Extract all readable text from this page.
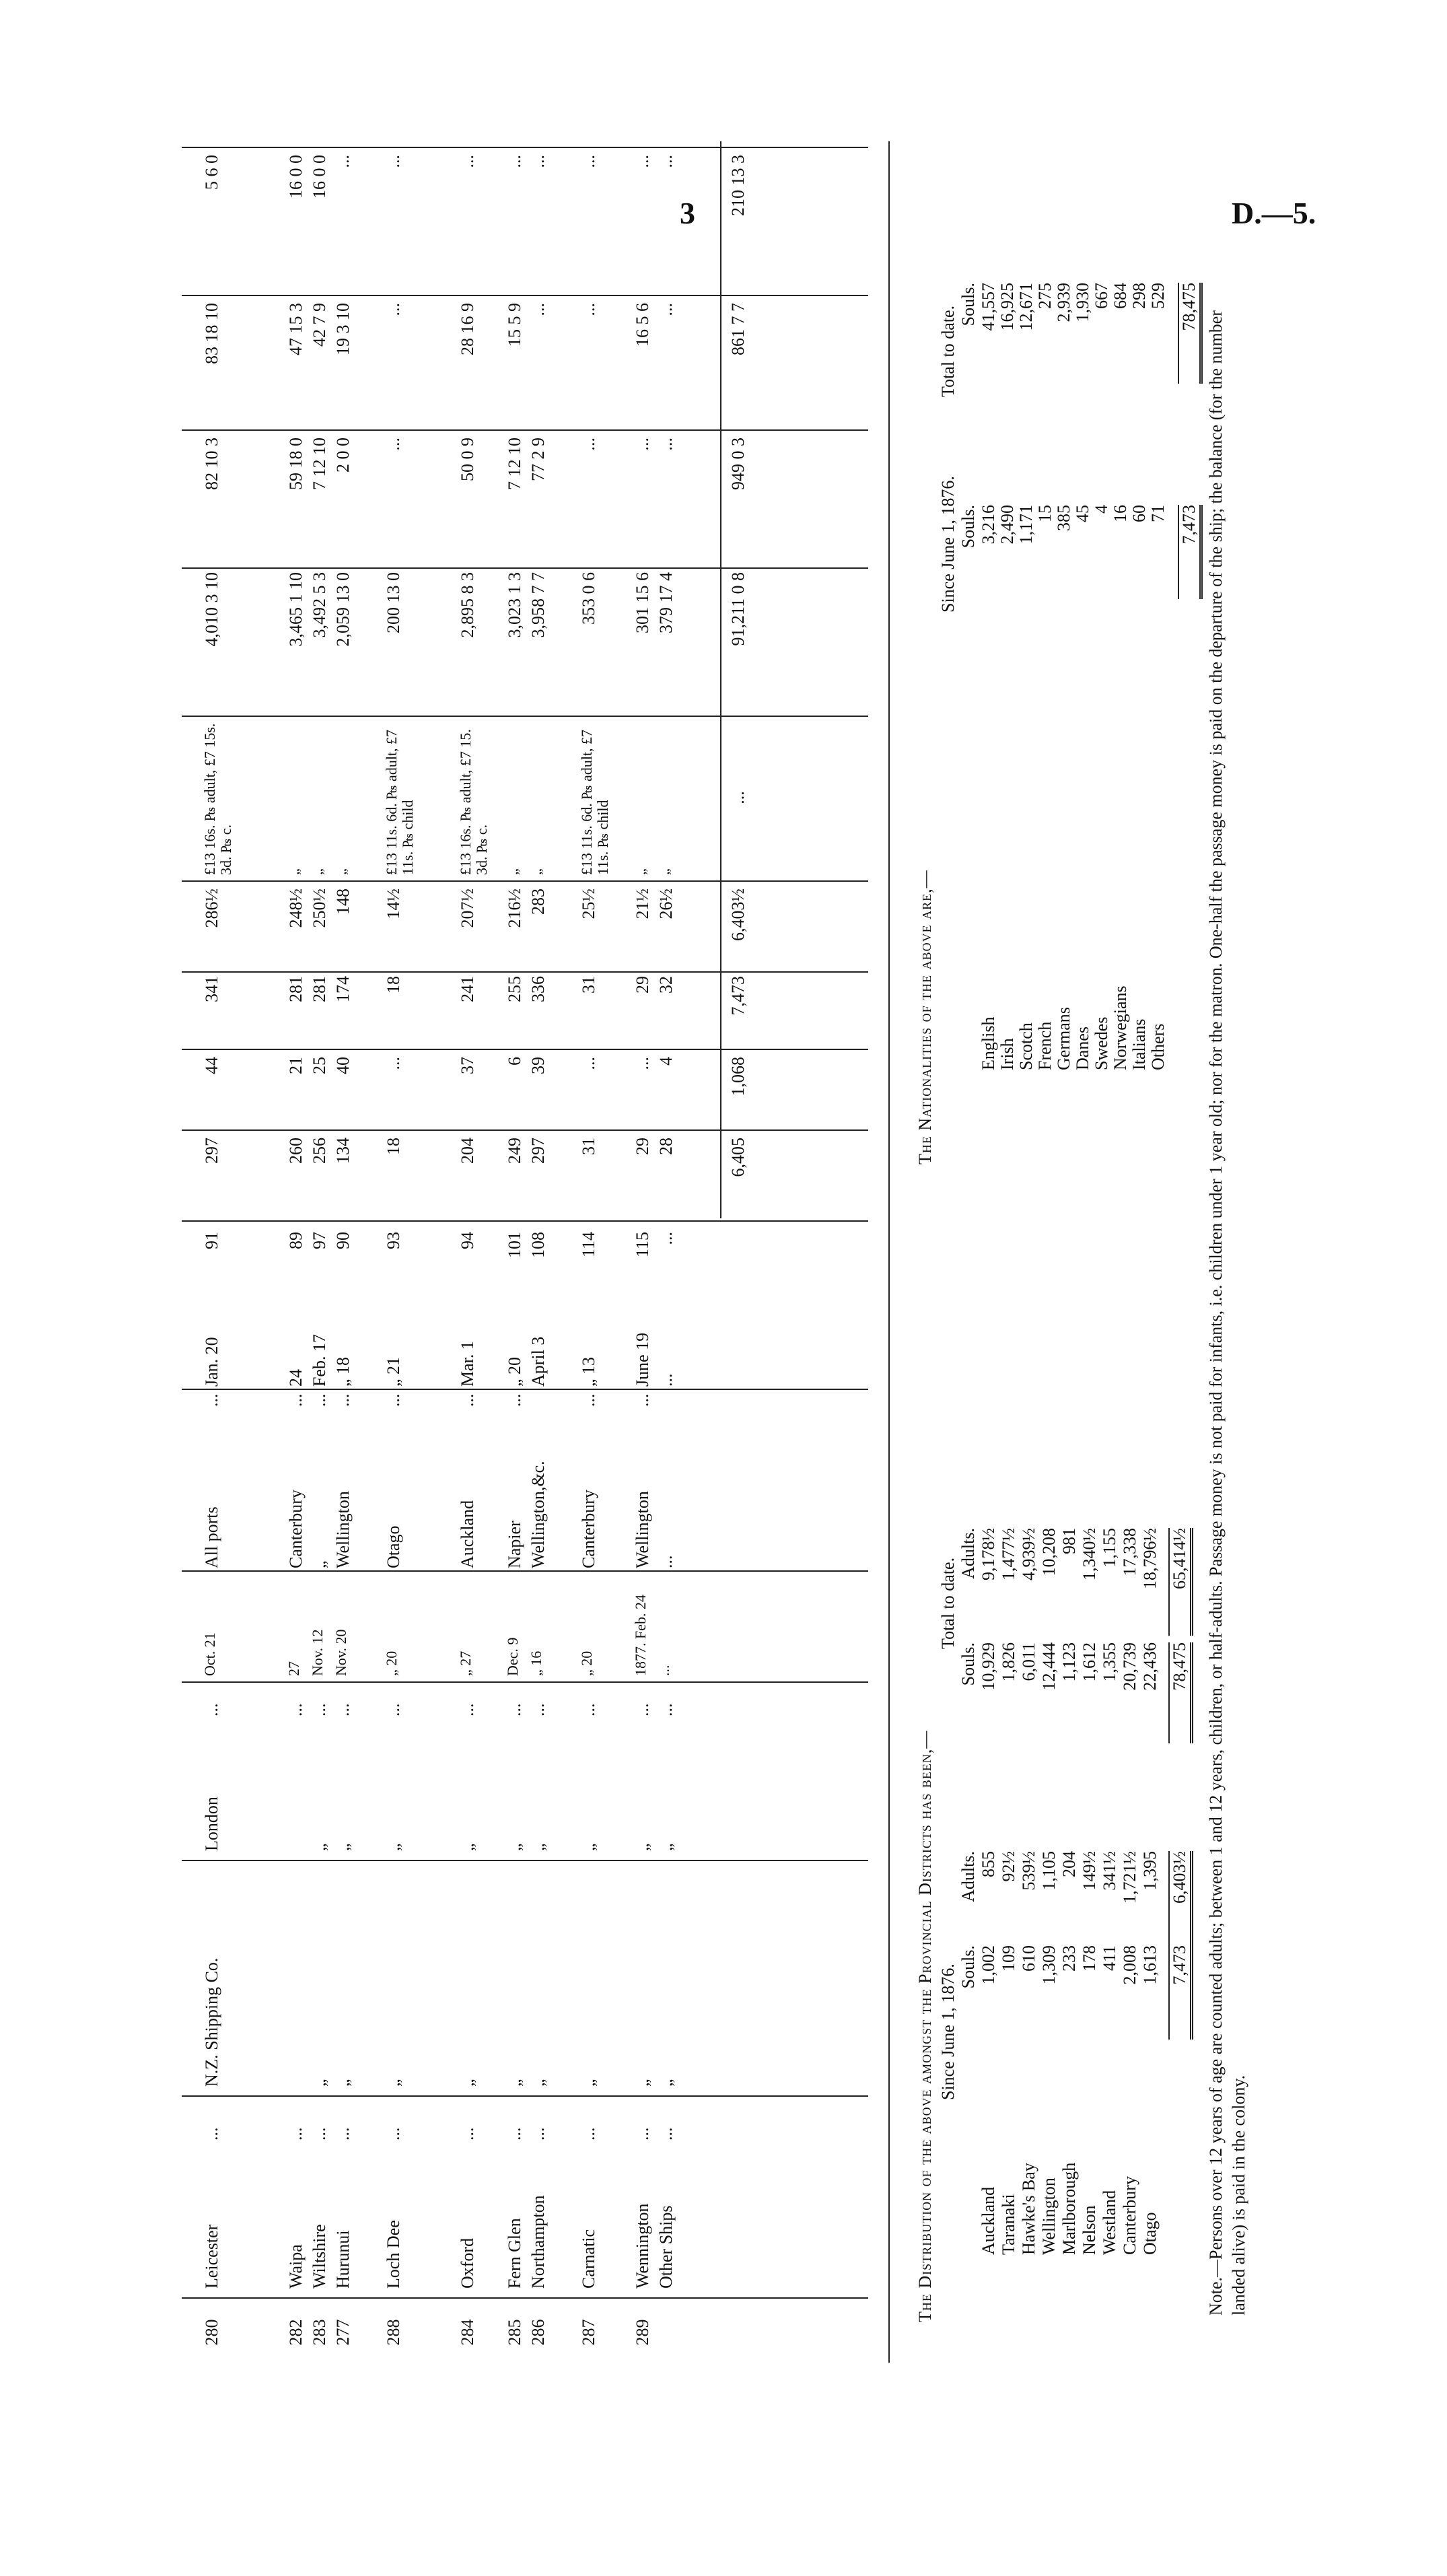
3	D.—5.
280
Leicester
...
N.Z. Shipping Co.
London
...
Oct. 21
All ports
...
Jan. 20
91
297
44
341
286½
£13 16s. ₧ adult, £7 15s. 3d. ₧ c.
4,010 3 10
82 10 3
83 18 10
5 6 0
282
Waipa
...
...
27
Canterbury
...
24
89
260
21
281
248½
„
3,465 1 10
59 18 0
47 15 3
16 0 0
283
Wiltshire
...
„
„
...
Nov. 12
„
...
Feb. 17
97
256
25
281
250½
„
3,492 5 3
7 12 10
42 7 9
16 0 0
277
Hurunui
...
„
„
...
Nov. 20
Wellington
...
„ 18
90
134
40
174
148
„
2,059 13 0
2 0 0
19 3 10
...
288
Loch Dee
...
„
„
...
„ 20
Otago
...
„ 21
93
18
...
18
14½
£13 11s. 6d. ₧ adult, £7 11s. ₧ child
200 13 0
...
...
...
284
Oxford
...
„
„
...
„ 27
Auckland
...
Mar. 1
94
204
37
241
207½
£13 16s. ₧ adult, £7 15. 3d. ₧ c.
2,895 8 3
50 0 9
28 16 9
...
285
Fern Glen
...
„
„
...
Dec. 9
Napier
...
„ 20
101
249
6
255
216½
„
3,023 1 3
7 12 10
15 5 9
...
286
Northampton
...
„
„
...
„ 16
Wellington,&c.
April 3
108
297
39
336
283
„
3,958 7 7
77 2 9
...
...
287
Carnatic
...
„
„
...
„ 20
Canterbury
...
„ 13
114
31
...
31
25½
£13 11s. 6d. ₧ adult, £7 11s. ₧ child
353 0 6
...
...
...
289
Wennington
...
„
„
...
1877. Feb. 24
Wellington
...
June 19
115
29
...
29
21½
„
301 15 6
...
16 5 6
...
Other Ships
...
„
„
...
...
...
...
...
28
4
32
26½
„
379 17 4
...
...
...
6,405
1,068
7,473
6,403½
...
91,211 0 8
949 0 3
861 7 7
210 13 3
The Distribution of the above amongst the Provincial Districts has been,— Since June 1, 1876.
Total to date.
Souls.
Adults.
Souls.
Adults.
Auckland
1,002
855
10,929
9,178½
Taranaki
109
92½
1,826
1,477½
Hawke's Bay
610
539½
6,011
4,939½
Wellington
1,309
1,105
12,444
10,208
Marlborough
233
204
1,123
981
Nelson
178
149½
1,612
1,340½
Westland
411
341½
1,355
1,155
Canterbury
2,008
1,721½
20,739
17,338
Otago
1,613
1,395
22,436
18,796½
7,473
6,403½
78,475
65,414½
The Nationalities of the above are,—
Since June 1, 1876.
Total to date.
Souls.
Souls.
English
3,216
41,557
Irish
2,490
16,925
Scotch
1,171
12,671
French
15
275
Germans
385
2,939
Danes
45
1,930
Swedes
4
667
Norwegians
16
684
Italians
60
298
Others
71
529
7,473
78,475
Note.—Persons over 12 years of age are counted adults; between 1 and 12 years, children, or half-adults. Passage money is not paid for infants, i.e. children under 1 year old; nor for the matron. One-half the passage money is paid on the departure of the ship; the balance (for the number landed alive) is paid in the colony.
